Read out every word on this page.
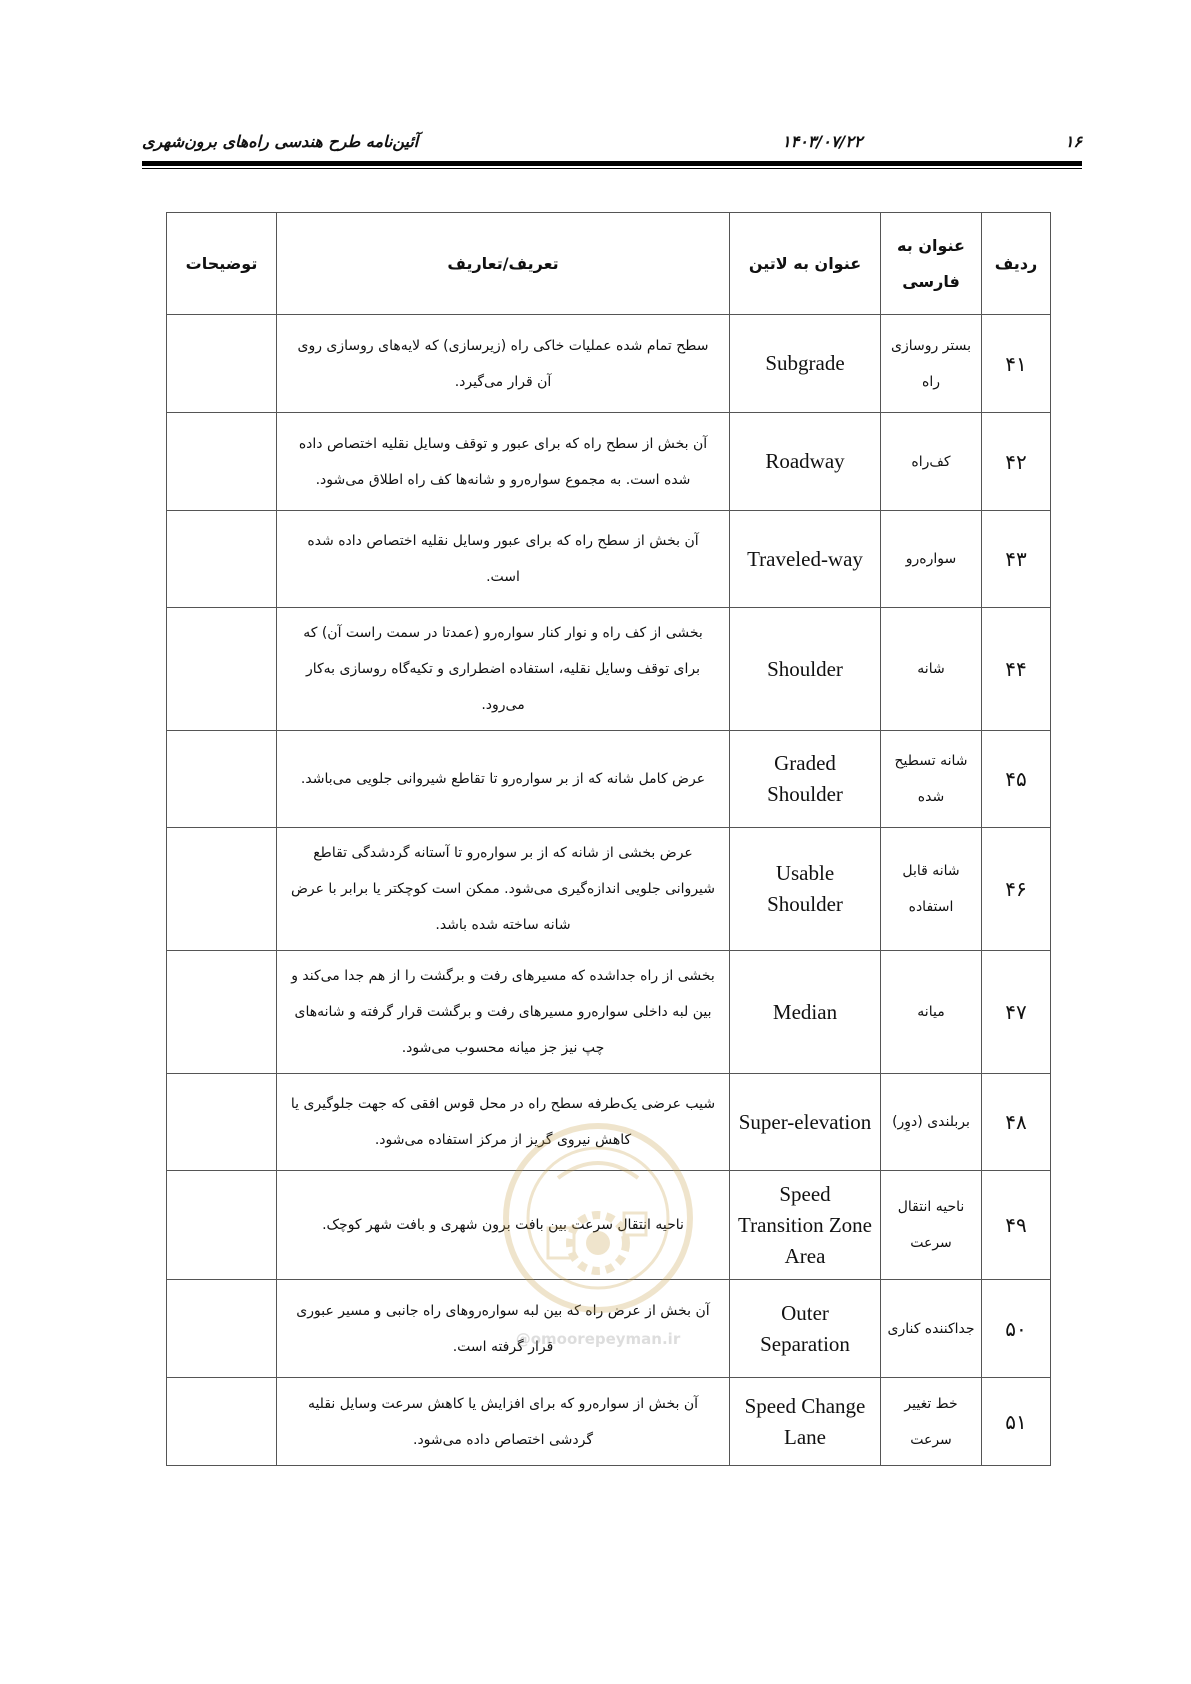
آئین‌نامه طرح هندسی راه‌های برون‌شهری	۱۴۰۳/۰۷/۲۲	۱۶
ردیف	عنوان به فارسی	عنوان به لاتین	تعریف/تعاریف	توضیحات
۴۱	بستر روسازی راه	Subgrade	سطح تمام شده عملیات خاکی راه (زیرسازی) که لایه‌های روسازی روی آن قرار می‌گیرد.	
۴۲	کف‌راه	Roadway	آن بخش از سطح راه که برای عبور و توقف وسایل نقلیه اختصاص داده شده است. به مجموع سواره‌رو و شانه‌ها کف راه اطلاق می‌شود.	
۴۳	سواره‌رو	Traveled-way	آن بخش از سطح راه که برای عبور وسایل نقلیه اختصاص داده شده است.	
۴۴	شانه	Shoulder	بخشی از کف راه و نوار کنار سواره‌رو (عمدتا در سمت راست آن) که برای توقف وسایل نقلیه، استفاده اضطراری و تکیه‌گاه روسازی به‌کار می‌رود.	
۴۵	شانه تسطیح شده	Graded Shoulder	عرض کامل شانه که از بر سواره‌رو تا تقاطع شیروانی جلویی می‌باشد.	
۴۶	شانه قابل استفاده	Usable Shoulder	عرض بخشی از شانه که از بر سواره‌رو تا آستانه گردشدگی تقاطع شیروانی جلویی اندازه‌گیری می‌شود. ممکن است کوچکتر یا برابر با عرض شانه ساخته شده باشد.	
۴۷	میانه	Median	بخشی از راه جداشده که مسیرهای رفت و برگشت را از هم جدا می‌کند و بین لبه داخلی سواره‌رو مسیرهای رفت و برگشت قرار گرفته و شانه‌های چپ نیز جز میانه محسوب می‌شود.	
۴۸	بربلندی (دوِر)	Super-elevation	شیب عرضی یک‌طرفه سطح راه در محل قوس افقی که جهت جلوگیری یا کاهش نیروی گریز از مرکز استفاده می‌شود.	
۴۹	ناحیه انتقال سرعت	Speed Transition Zone Area	ناحیه انتقال سرعت بین بافت برون شهری و بافت شهر کوچک.	
۵۰	جداکننده کناری	Outer Separation	آن بخش از عرض راه که بین لبه سواره‌روهای راه جانبی و مسیر عبوری قرار گرفته است.	
۵۱	خط تغییر سرعت	Speed Change Lane	آن بخش از سواره‌رو که برای افزایش یا کاهش سرعت وسایل نقلیه گردشی اختصاص داده می‌شود.	
@omoorepeyman.ir
